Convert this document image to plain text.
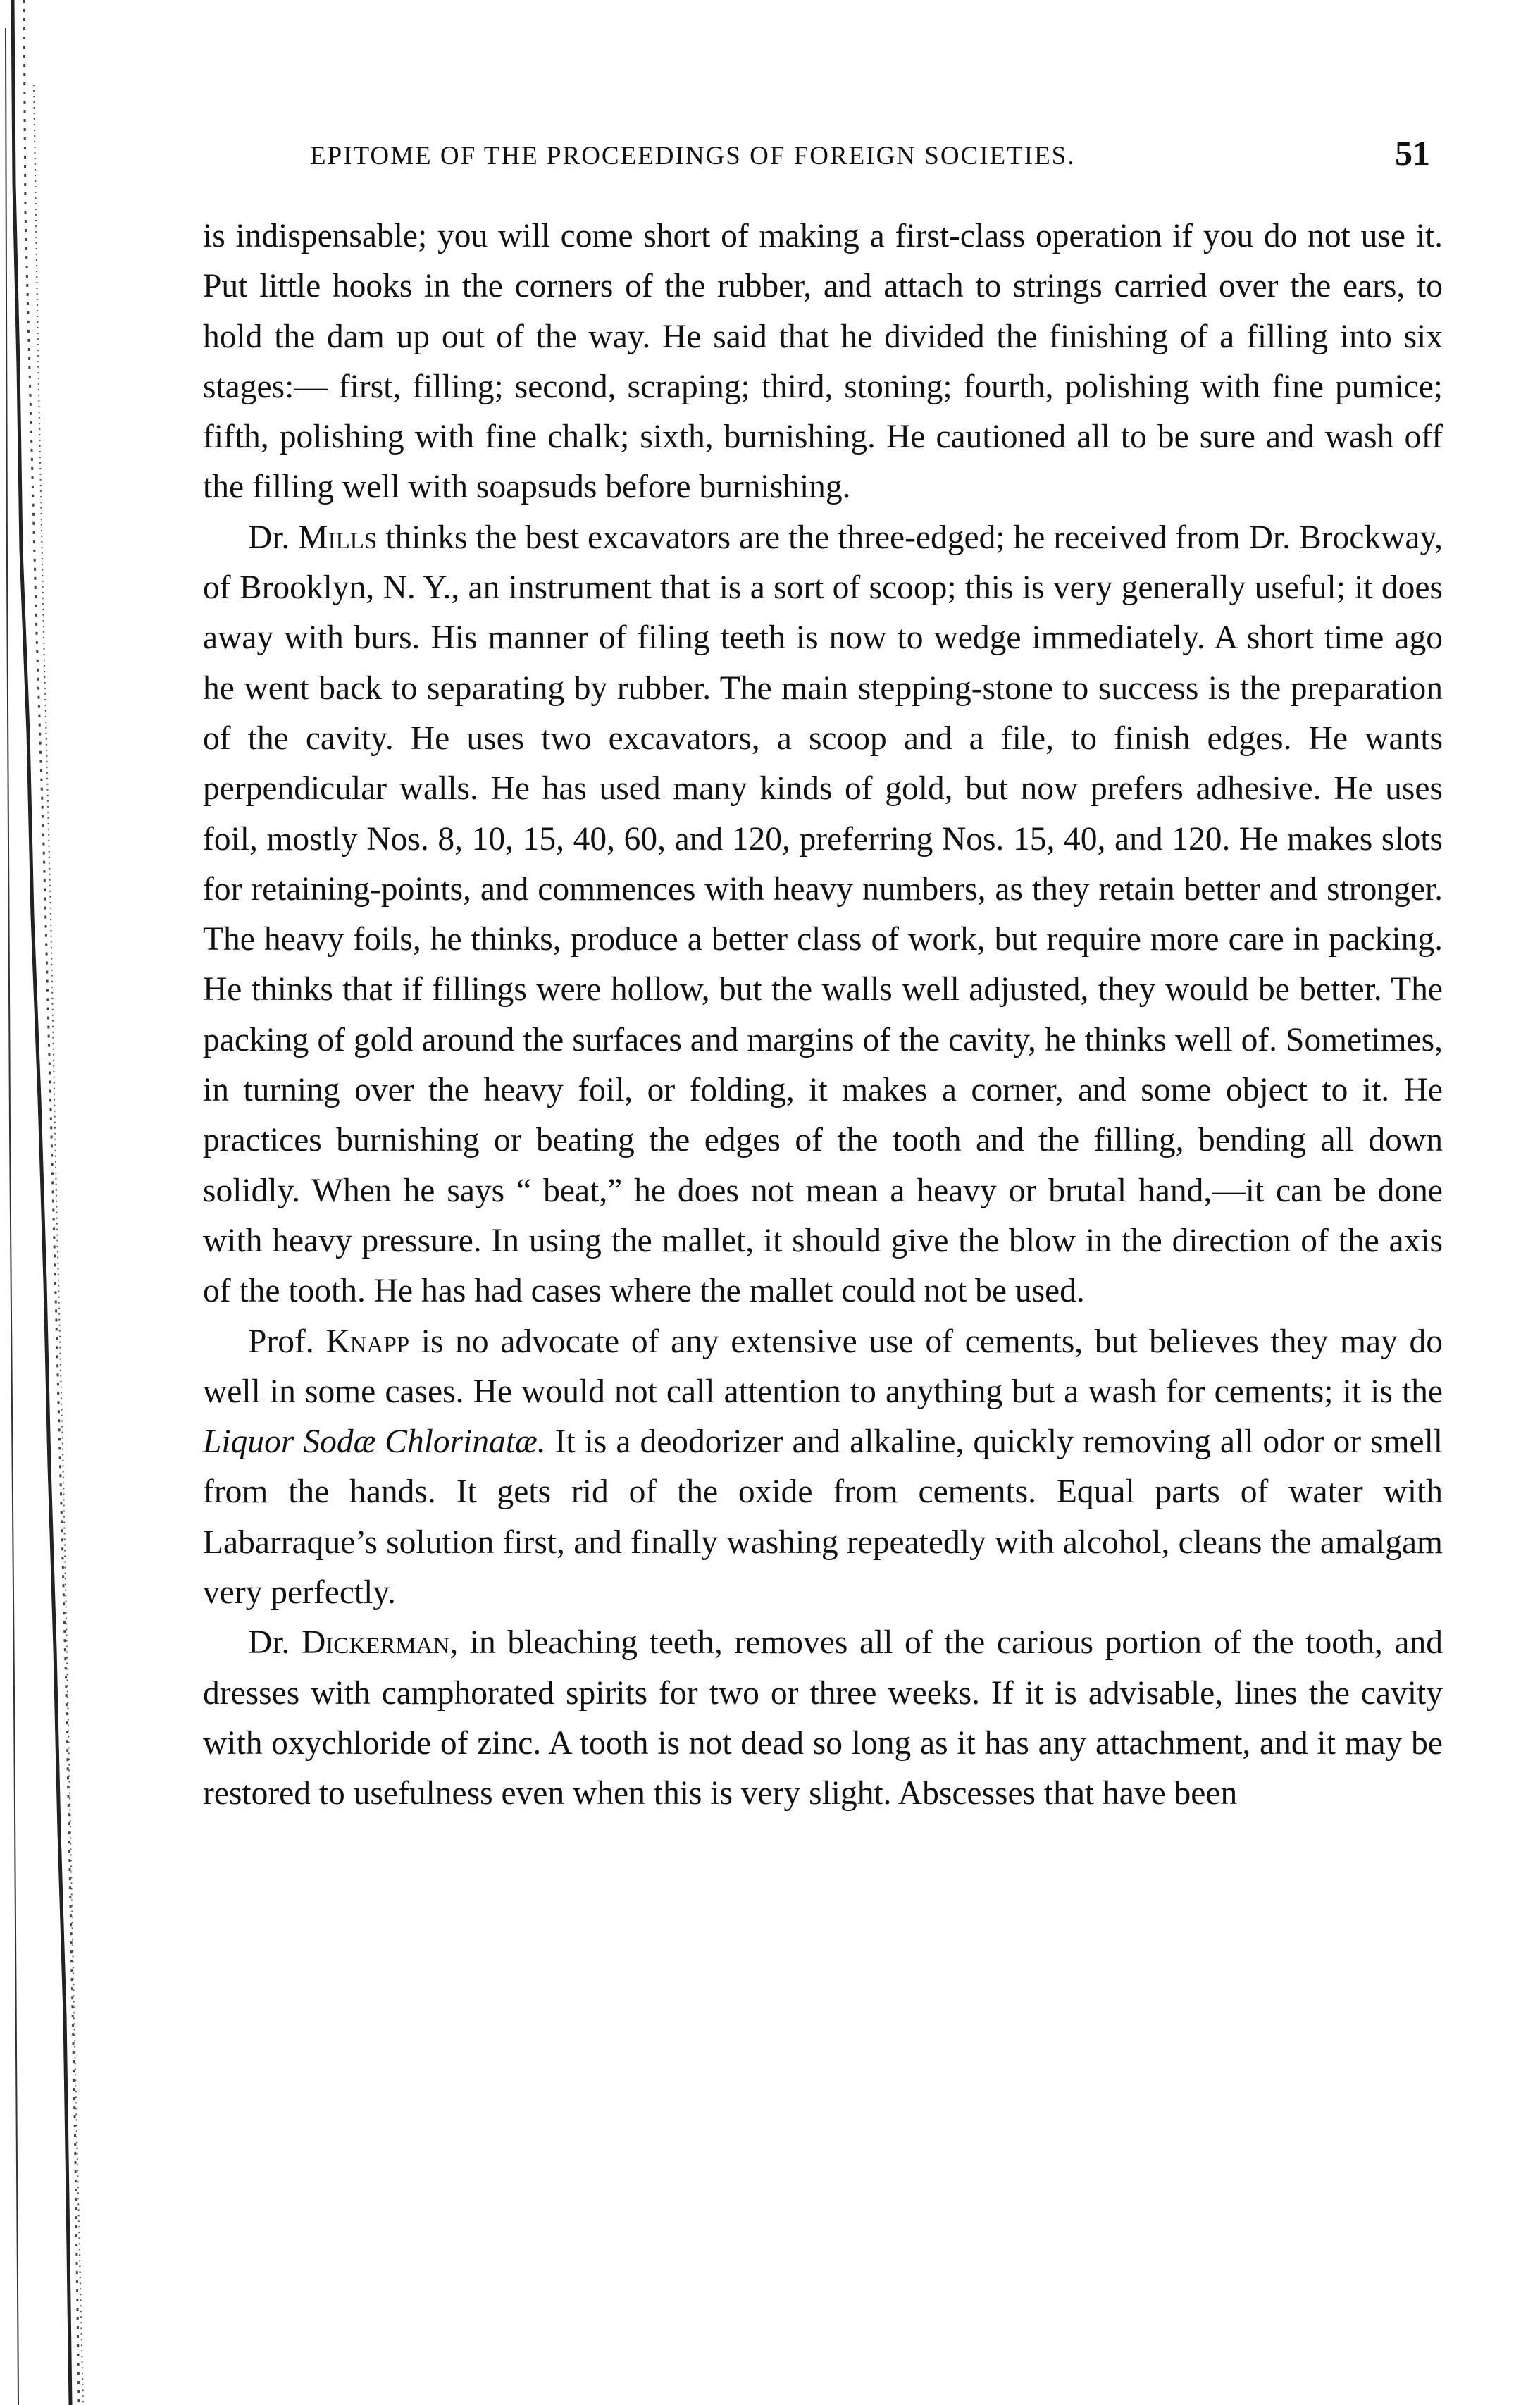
EPITOME OF THE PROCEEDINGS OF FOREIGN SOCIETIES.	51

is indispensable; you will come short of making a first-class operation if you do not use it. Put little hooks in the corners of the rubber, and attach to strings carried over the ears, to hold the dam up out of the way. He said that he divided the finishing of a filling into six stages:— first, filling; second, scraping; third, stoning; fourth, polishing with fine pumice; fifth, polishing with fine chalk; sixth, burnishing. He cautioned all to be sure and wash off the filling well with soapsuds before burnishing.

Dr. Mills thinks the best excavators are the three-edged; he received from Dr. Brockway, of Brooklyn, N. Y., an instrument that is a sort of scoop; this is very generally useful; it does away with burs. His manner of filing teeth is now to wedge immediately. A short time ago he went back to separating by rubber. The main stepping-stone to success is the preparation of the cavity. He uses two excavators, a scoop and a file, to finish edges. He wants perpendicular walls. He has used many kinds of gold, but now prefers adhesive. He uses foil, mostly Nos. 8, 10, 15, 40, 60, and 120, preferring Nos. 15, 40, and 120. He makes slots for retaining-points, and commences with heavy numbers, as they retain better and stronger. The heavy foils, he thinks, produce a better class of work, but require more care in packing. He thinks that if fillings were hollow, but the walls well adjusted, they would be better. The packing of gold around the surfaces and margins of the cavity, he thinks well of. Sometimes, in turning over the heavy foil, or folding, it makes a corner, and some object to it. He practices burnishing or beating the edges of the tooth and the filling, bending all down solidly. When he says “ beat,” he does not mean a heavy or brutal hand,—it can be done with heavy pressure. In using the mallet, it should give the blow in the direction of the axis of the tooth. He has had cases where the mallet could not be used.

Prof. Knapp is no advocate of any extensive use of cements, but believes they may do well in some cases. He would not call attention to anything but a wash for cements; it is the Liquor Sodæ Chlorinatæ. It is a deodorizer and alkaline, quickly removing all odor or smell from the hands. It gets rid of the oxide from cements. Equal parts of water with Labarraque’s solution first, and finally washing repeatedly with alcohol, cleans the amalgam very perfectly.

Dr. Dickerman, in bleaching teeth, removes all of the carious portion of the tooth, and dresses with camphorated spirits for two or three weeks. If it is advisable, lines the cavity with oxychloride of zinc. A tooth is not dead so long as it has any attachment, and it may be restored to usefulness even when this is very slight. Abscesses that have been
